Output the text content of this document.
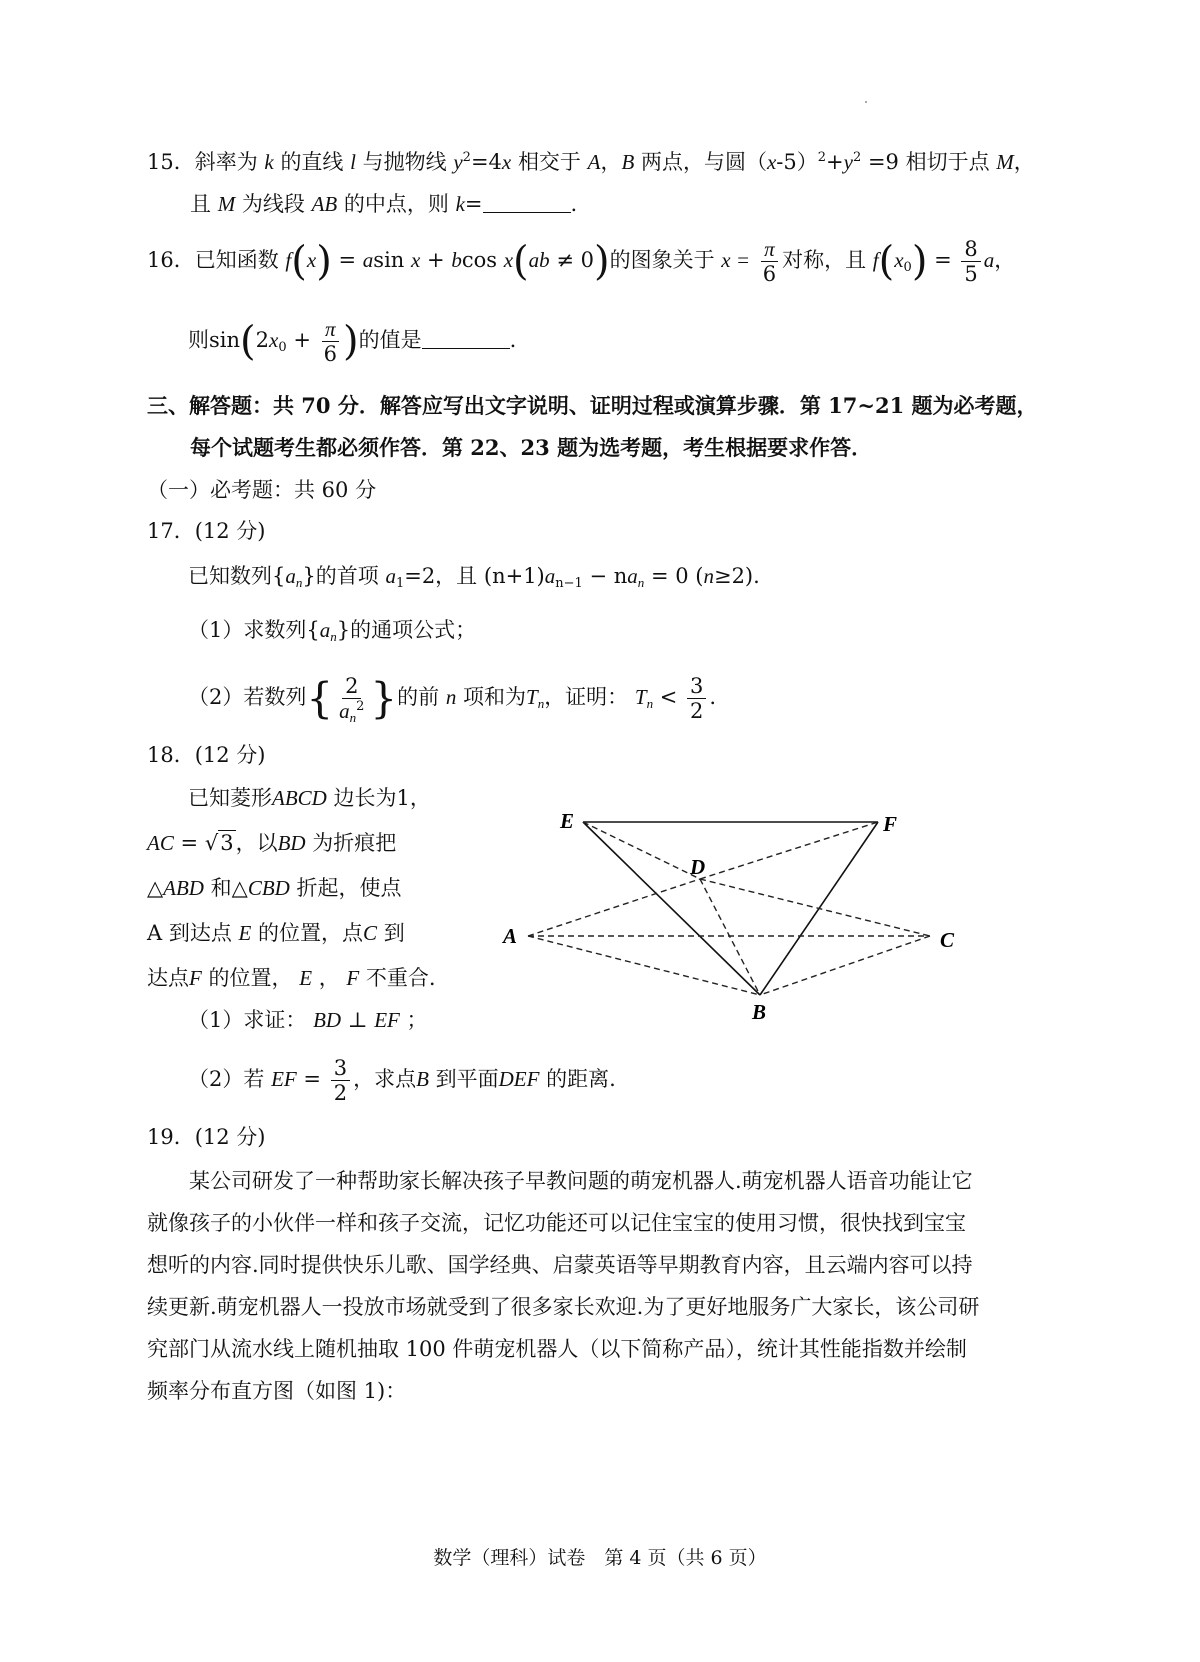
15．斜率为 k 的直线 l 与抛物线 $y^2=4x$ 相交于 A，B 两点，与圆$(x-5)^2+y^2 =9$ 相切于点 M，
且 M 为线段 AB 的中点，则 k=	.
16．已知函数 f(x) = asin x + bcos x(ab ≠ 0)的图象关于 $x = \frac{\pi}{6}$ 对称，且 $f(x_0) = \frac{8}{5}$ a，
则$\sin(2x_0 + \frac{\pi}{6}$ )的值是	.
三、解答题：共 70 分．解答应写出文字说明、证明过程或演算步骤．第 17~21 题为必考题，
每个试题考生都必须作答．第 22、23 题为选考题，考生根据要求作答．
（一）必考题：共 60 分
17．(12 分)
已知数列$\{a_n\}$的首项 $a_1=2$，且 $(n+1)a_{n-1} - na_n = 0$ (n≥2).
（1）求数列$\{a_n\}$的通项公式；
（2）若数列{ $\frac{2}{a_n^2}$ }的前 n 项和为$T_n$，证明： $T_n < \frac{3}{2}$ .
18．(12 分)
已知菱形ABCD 边长为1，
AC = √3，以BD 为折痕把
△ABD 和△CBD 折起，使点
A 到达点 E 的位置，点C 到
达点F 的位置， E ， F 不重合.
（1）求证： BD ⊥ EF ；
（2）若 EF = $\frac{3}{2}$ ，求点B 到平面DEF 的距离.
E	F
D
A	C
B
19．(12 分)
某公司研发了一种帮助家长解决孩子早教问题的萌宠机器人.萌宠机器人语音功能让它就像孩子的小伙伴一样和孩子交流，记忆功能还可以记住宝宝的使用习惯，很快找到宝宝想听的内容.同时提供快乐儿歌、国学经典、启蒙英语等早期教育内容，且云端内容可以持续更新.萌宠机器人一投放市场就受到了很多家长欢迎.为了更好地服务广大家长，该公司研究部门从流水线上随机抽取 100 件萌宠机器人（以下简称产品），统计其性能指数并绘制频率分布直方图（如图 1)：
数学（理科）试卷　第 4 页（共 6 页）
